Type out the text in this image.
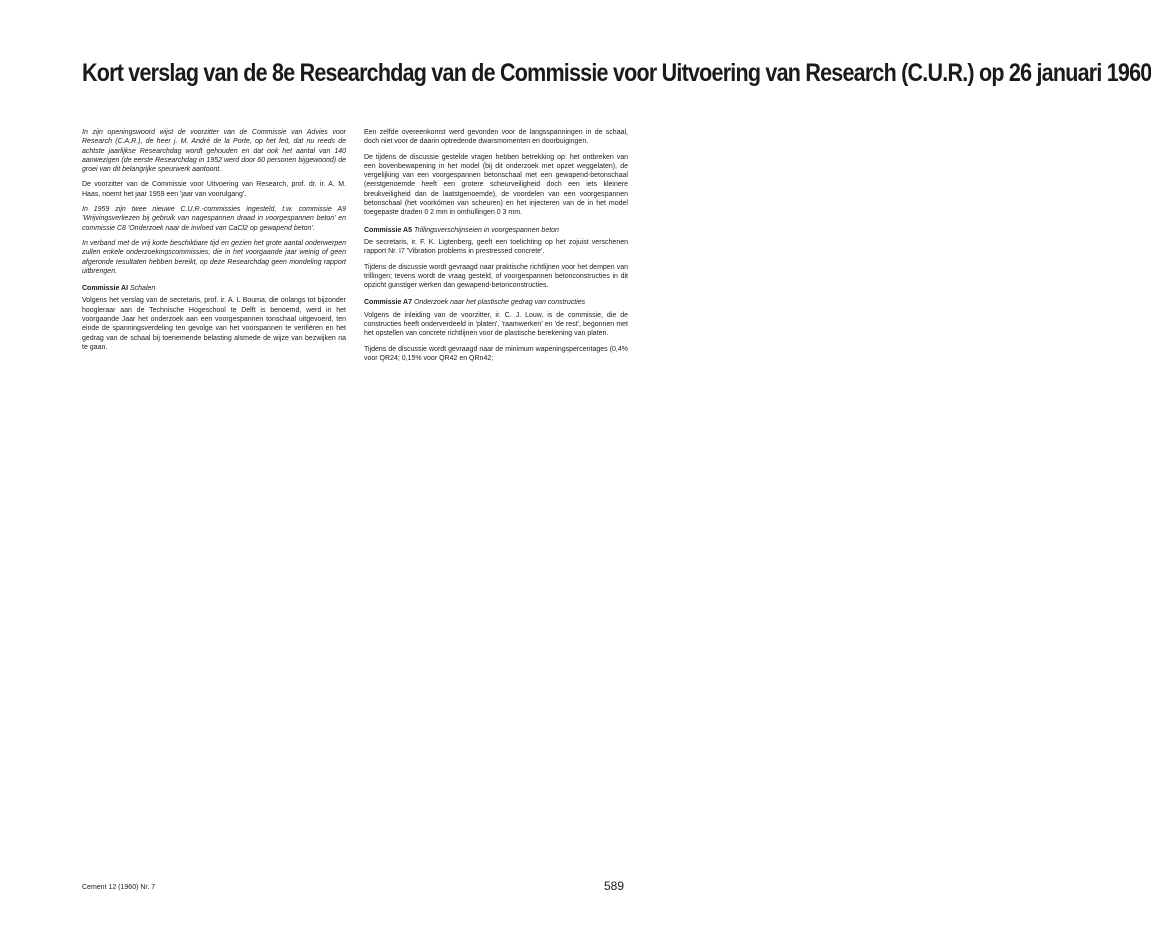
Kort verslag van de 8e Researchdag van de Commissie voor Uitvoering van Research (C.U.R.) op 26 januari 1960

In zijn openingswoord wijst de voorzitter van de Commissie van Advies voor Research (C.A.R.), de heer j. M. André de la Porte, op het feit, dat nu reeds de achtste jaarlijkse Researchdag wordt gehouden en dat ook het aantal van 140 aanwezigen (de eerste Researchdag in 1952 werd door 60 personen bijgewoond) de groei van dit belangrijke speurwerk aantoont.

De voorzitter van de Commissie voor Uitvoering van Research, prof. dr. ir. A. M. Haas, noemt het jaar 1959 een 'jaar van voorulgang'.

In 1959 zijn twee nieuwe C.U.R.-commissies ingesteld, t.w. commissie A9 'Wrijvingsverliezen bij gebruik van nagespannen draad in voorgespannen beton' en commissie C8 'Onderzoek naar de invloed van CaCl2 op gewapend beton'.

In verband met de vrij korte beschikbare tijd en gezien het grote aantal onderwerpen zullen enkele onderzoekingscommissies, die in het voorgaande jaar weinig of geen afgeronde resultaten hebben bereikt, op deze Researchdag geen mondeling rapport uitbrengen.

Commissie AI Schalen

Volgens het verslag van de secretaris, prof. ir. A. L Bouma, die onlangs tot bijzonder hoogleraar aan de Technische Hogeschool te Delft is benoemd, werd in het voorgaande Jaar het onderzoek aan een voorgespannen tonschaal uitgevoerd, ten einde de spanningsverdeling ten gevolge van het voorspannen te verifiëren en het gedrag van de schaal bij toenemende belasting alsmede de wijze van bezwijken na te gaan.

Een zelfde overeenkomst werd gevonden voor de langsspanningen in de schaal, doch niet voor de daarin optredende dwarsmomenten en doorbuigingen.

De tijdens de discussie gestelde vragen hebben betrekking op: het ontbreken van een bovenbewapening in het model (bij dit onderzoek met opzet weggelaten), de vergelijking van een voorgespannen betonschaal met een gewapend-betonschaal (eerstgenoemde heeft een grotere scheurveiligheid doch een iets kleinere breukveiligheid dan de laatstgenoemde), de voordelen van een voorgespannen betonschaal (het voorkómen van scheuren) en het injecteren van de in het model toegepaste draden 0 2 mm in omhullingen 0 3 mm.

Commissie A5 Trillingsverschijnseien in voorgespannen beton

De secretaris, ir. F. K. Ligtenberg, geeft een toelichting op het zojuist verschenen rapport Nr. I7 'Vibration problems in prestressed concrete'.

Tijdens de discussie wordt gevraagd naar praktische richtlijnen voor het dempen van trillingen; tevens wordt de vraag gesteld, of voorgespannen betonconstructies in dit opzicht gunstiger werken dan gewapend-betonconstructies.

Commissie A7 Onderzoek naar het plastische gedrag van constructies

Volgens de inleiding van de voorzitter, ir. C. J. Louw, is de commissie, die de constructies heeft onderverdeeld in 'platen', 'raamwerken' en 'de rest', begonnen met het opstellen van concrete richtlijnen voor de plastische berekening van platen.

Tijdens de discussie wordt gevraagd naar de minimum wapeningspercentages (0,4% voor QR24; 0,15% voor QR42 en QRn42;

Cement 12 (1960) Nr. 7	589
